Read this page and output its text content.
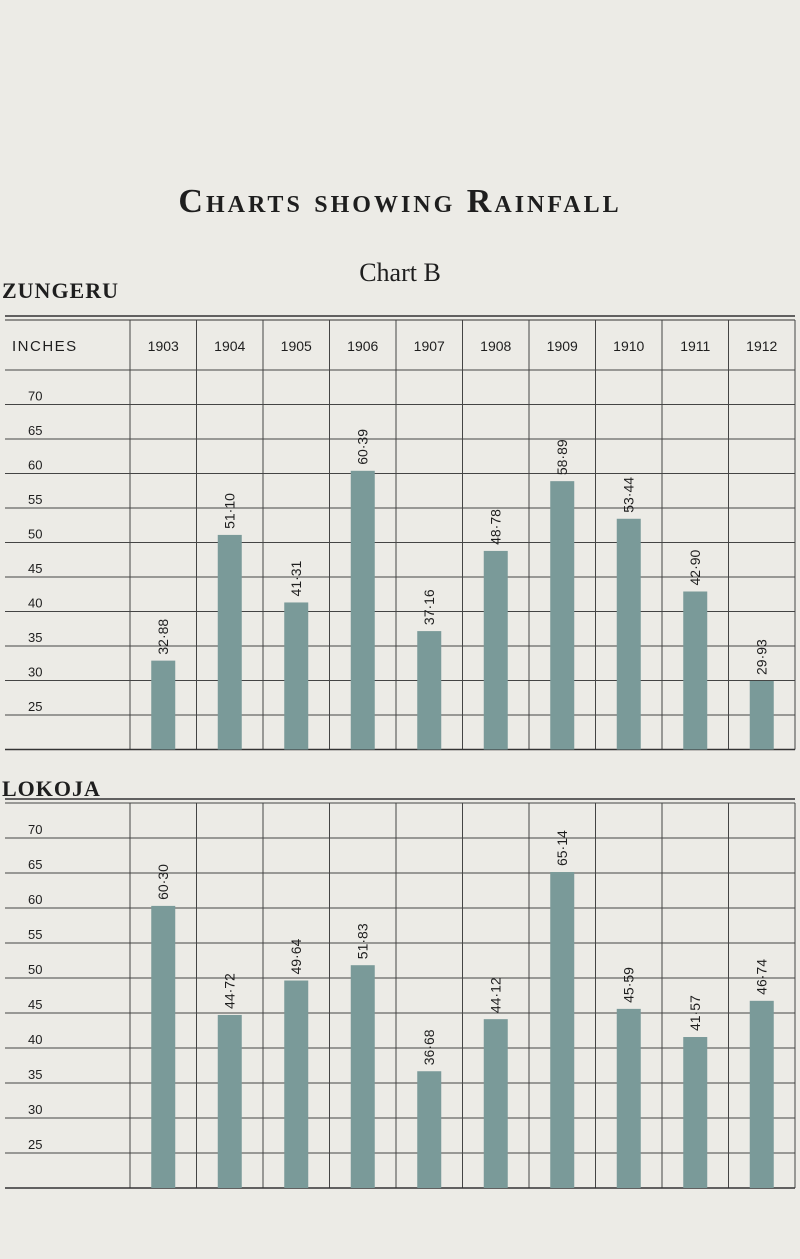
Charts showing Rainfall
Chart B
ZUNGERU
INCHES	1903	1904	1905	1906	1907	1908	1909	1910	1911	1912
70
65
60
55
50
45
40
35
30
25
32·88
51·10
41·31
60·39
37·16
48·78
58·89
53·44
42·90
29·93
LOKOJA
70
65
60
55
50
45
40
35
30
25
60·30
44·72
49·64	51·83
36·68
44·12
65·14
45·59
41·57
46·74
